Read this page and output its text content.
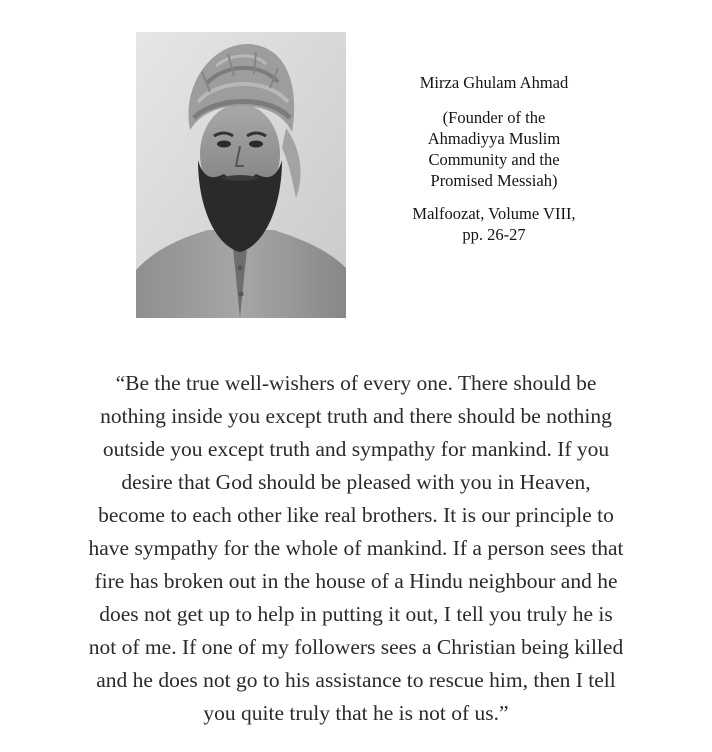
Mirza Ghulam Ahmad
(Founder of the
Ahmadiyya Muslim
Community and the
Promised Messiah)
Malfoozat, Volume VIII,
pp. 26-27

“Be the true well-wishers of every one. There should be
nothing inside you except truth and there should be nothing
outside you except truth and sympathy for mankind. If you
desire that God should be pleased with you in Heaven,
become to each other like real brothers. It is our principle to
have sympathy for the whole of mankind. If a person sees that
fire has broken out in the house of a Hindu neighbour and he
does not get up to help in putting it out, I tell you truly he is
not of me. If one of my followers sees a Christian being killed
and he does not go to his assistance to rescue him, then I tell
you quite truly that he is not of us.”
